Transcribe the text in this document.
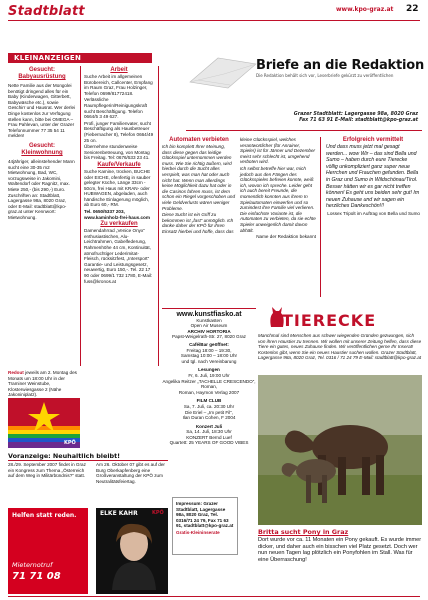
Stadtblatt	www.kpo-graz.at 22
KLEINANZEIGEN	Briefe an die Redaktion
Die Redaktion behält sich vor, Leserbriefe gekürzt zu veröffentlichen
Grazer Stadtblatt: Lagergasse 98a, 8020 Graz
Fax 71 63 91 E-Mail: stadtblatt@kpo-graz.at
Gesucht:
Babyausrüstung

Nette Familie aus der Mongolei benötigt dringend alles für ein Baby (Kinderwagen, Gitterbett, Babywäsche etc.), sowie Geschirr und Hausrat. Wer derlei Dinge kostenlos zur Verfügung stellen kann, bitte bei OMEGA – Frau Pahlevan, unter der Grazer Telefonnummer 77 35 54 11 melden!

Gesucht:
Kleinwohnung

44jähriger, alleinstehender Mann sucht eine 30-35 m2 Mietwohnung, Bad, WC, vorzugsweise in Jakomini, Waltendorf oder Ragnitz, max. Miete 250,- (bis 290,-) Euro. Zuschriften an: Stadtblatt, Lagergasse 98a, 8020 Graz, oder E-Mail: stadtblatt@kpo-graz.at unter Kennwort: Mietwohnung.

Arbeit

Suche Arbeit im allgemeinen Bürobereich, Callcenter, Empfang im Raum Graz, Frau Holzinger, Telefon 0699/81772418.

Verlässliche Raumpflegerin/Reinigungskraft sucht Beschäftigung. Telefon 0664/5 3 49 627.

Profi, junger Familienvater, sucht Beschäftigung als Hausbetreuer (Fiebernacher 8), Telefon 0664/49 25 on.

Übernehme stundenweise Seniorenbetreuung, von Montag bis Freitag. Tel: 0676/533 23 41.

Kaufe/Verkaufe

Suche Kamine, trocken, BUCHE oder EICHE, ofenfertig in sauber gelegter Küche, Länge 33cm - 50cm, frei Haus mit KRAN- oder HUBWAGEN, abgeladen, auch händische Einlagerung möglich, ab Euro 60,- RM.

Tel. 0650/5337 203, www.kaminholz-frei-haus.com

Zu verkaufen

Damendahrrad „Venice Onyx“ enthusiastischen, Alu-Leichtrahmen, Gabelfederung, Rahmenhöhe 44 cm, Kontinuität, atmofruchtiger Lederimitat-Fleisch, rücksitzfest, „Intersport“ Garantie- und Leistungsgesetz, neuwertig, Euro 150,-. Tel. 22 17 90 oder 0699/1 732 1780, E-Mail: fuss@kronos.at

Automaten verbieten

Ich bin komplett Ihrer Meinung, dass diese gegen das leidige Glücksspiel unternommen werden muss. Wie Sie richtig äußern, wird hierbei durch die Sucht alles verspielt, was man hat oder auch nicht hat. Wenn man allerdings keine Möglichkeit dazu hat oder in die Casinos fahren muss, ist dem schon ein Riegel vorgeschoben und viele Geldverlusts wären weniger Probleme.

Diese Sucht ist ein Griff zu bekommen ist „fast“ unmöglich. Ich danke daher der KPÖ für ihren Einsatz hierbei und hoffe, dass das

kleine Glücksspiel, welches verantwortlicher (für Anrainer, Spieler) ist für Jänner und Dezember meist sehr schlecht ist, umgehend verboten wird.

Ich selbst betreffe hier war, mich jedoch aus den Fängen des Glücksspieles befreien konnte, weiß ich, wovon ich spreche. Leider geht ich auch bereit Freunde, die momentlich konnten aus ihrem In Spielautomaten einwerfen und so zumindest ihre Familie viel verlieren. Die einfachste Variante ist, die Automaten zu verbieten, da sie echte Spieler unweigerlich damit davon abhält.

Name der Redaktion bekannt

Erfolgreich vermittelt

Und dass muss jetzt mal gesagt werden... wow Wir – das sind Bella und Sumo – haben durch eure Tierecke völlig unkompliziert ganz super neue Herrchen und Frauchen gefunden. Bella in Graz und Sumo in Wildschönau/Tirol. Besser hätten wir es gar nicht treffen können! Es geht uns beiden sehr gut! Im neuen Zuhause und wir sagen ein herzliches Dankeschön!!!

Lossex Tripolt im Auftrag von Bella und Sumo

Redout jeweils am 2. Montag des Monats um 18:00 Uhr in der Traminer Weinstube, Klosterwiesgasse 2 (Nähe Jakoniniplatz).

KPÖ
Voranzeige: Neuhaltlich bleibt!
28./29. September 2007 findet in Graz ein Kongress zum Thema „Österreich auf dem Weg in Militärbündnis?“ statt.
Am 26. Oktober 07 gibt es auf der Burg Oberkapfenberg eine Großveranstaltung der KPÖ zum Neutralitätsfeiertag.
Helfen statt reden.
Mieternotruf
71 71 08
ELKE KAHR	KPÖ
www.kunstfiasko.at
Kunstkasten
Open Air Museum
ARCHIV HORTORIA
Papst-Weigelrath-Str. 27, 8020 Graz
Café/Bar geöffnet:
Freitag 18:00 – 19:30,
Samstag 10:00 – 18:00 Uhr
und tgl. nach Vereinbarung
Lesungen
Fr, 6. Juli, 19:00 Uhr
Angelika Reitzer „TACHELLE CRESCENDO“, Roman,
Roman, Haymon Verlag 2007
FILM CLUB
Sa, 7. Juli, ca. 20:30 Uhr
Die Eriel – „Im petit Fil“,
Ilan Duran Cohen, F 2004
Konzert Juli
Sa, 14. Juli, 18:30 Uhr
KONZERT Bernd Luef
Quartett: 25 YEARS OF GOOD VIBES

Impressum: Grazer Stadtblatt, Lagergasse 98a, 8020 Graz, Tel. 0316/71 24 79, Fax 71 63 91, stadtblatt@kpo-graz.at

Gratis-Kleininserate

TIERECKE
Manchmal sind Menschen aus schwer wiegenden Gründen gezwungen, sich von ihren Haustier zu trennen. Wir wollen mit unserer Zeitung helfen, dass diese Tiere ein gutes, neues Zuhause finden. Wir veröffentlichen gerne Ihr Inserat! Kostenlos gibt, wenn Sie ein neues Haustier suchen wollen. Grazer Stadtblatt, Lagergasse 98a, 8020 Graz, Tel. 0316 / 71 24 79 E-Mail: stadtblatt@kpo-graz.at
Britta sucht Pony in Graz
Dort wurde vor ca. 11 Monaten ein Pony gekauft. Es wurde immer dicker, und daher auch ein bisschen viel Platz gesetzt. Doch wer nun neuen Tagen lag plötzlich ein Ponyfohlen im Stall. Was für eine Überraschung!
